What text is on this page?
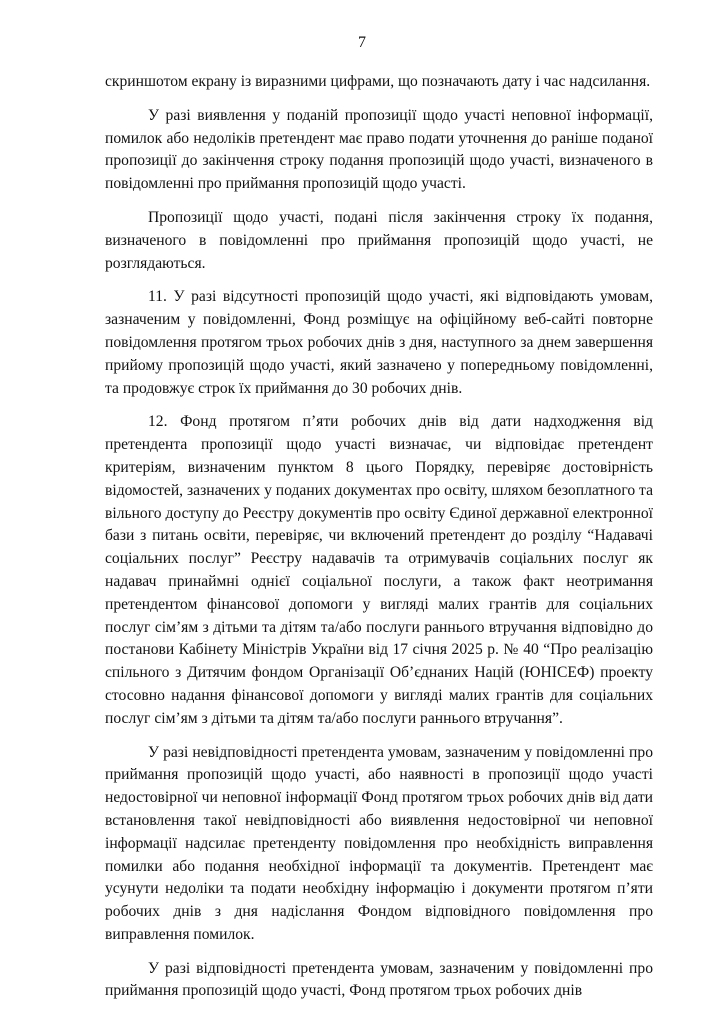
7

скриншотом екрану із виразними цифрами, що позначають дату і час надсилання.

У разі виявлення у поданій пропозиції щодо участі неповної інформації, помилок або недоліків претендент має право подати уточнення до раніше поданої пропозиції до закінчення строку подання пропозицій щодо участі, визначеного в повідомленні про приймання пропозицій щодо участі.

Пропозиції щодо участі, подані після закінчення строку їх подання, визначеного в повідомленні про приймання пропозицій щодо участі, не розглядаються.

11. У разі відсутності пропозицій щодо участі, які відповідають умовам, зазначеним у повідомленні, Фонд розміщує на офіційному веб-сайті повторне повідомлення протягом трьох робочих днів з дня, наступного за днем завершення прийому пропозицій щодо участі, який зазначено у попередньому повідомленні, та продовжує строк їх приймання до 30 робочих днів.

12. Фонд протягом п’яти робочих днів від дати надходження від претендента пропозиції щодо участі визначає, чи відповідає претендент критеріям, визначеним пунктом 8 цього Порядку, перевіряє достовірність відомостей, зазначених у поданих документах про освіту, шляхом безоплатного та вільного доступу до Реєстру документів про освіту Єдиної державної електронної бази з питань освіти, перевіряє, чи включений претендент до розділу “Надавачі соціальних послуг” Реєстру надавачів та отримувачів соціальних послуг як надавач принаймні однієї соціальної послуги, а також факт неотримання претендентом фінансової допомоги у вигляді малих грантів для соціальних послуг сім’ям з дітьми та дітям та/або послуги раннього втручання відповідно до постанови Кабінету Міністрів України від 17 січня 2025 р. № 40 “Про реалізацію спільного з Дитячим фондом Організації Об’єднаних Націй (ЮНІСЕФ) проекту стосовно надання фінансової допомоги у вигляді малих грантів для соціальних послуг сім’ям з дітьми та дітям та/або послуги раннього втручання”.

У разі невідповідності претендента умовам, зазначеним у повідомленні про приймання пропозицій щодо участі, або наявності в пропозиції щодо участі недостовірної чи неповної інформації Фонд протягом трьох робочих днів від дати встановлення такої невідповідності або виявлення недостовірної чи неповної інформації надсилає претенденту повідомлення про необхідність виправлення помилки або подання необхідної інформації та документів. Претендент має усунути недоліки та подати необхідну інформацію і документи протягом п’яти робочих днів з дня надіслання Фондом відповідного повідомлення про виправлення помилок.

У разі відповідності претендента умовам, зазначеним у повідомленні про приймання пропозицій щодо участі, Фонд протягом трьох робочих днів
